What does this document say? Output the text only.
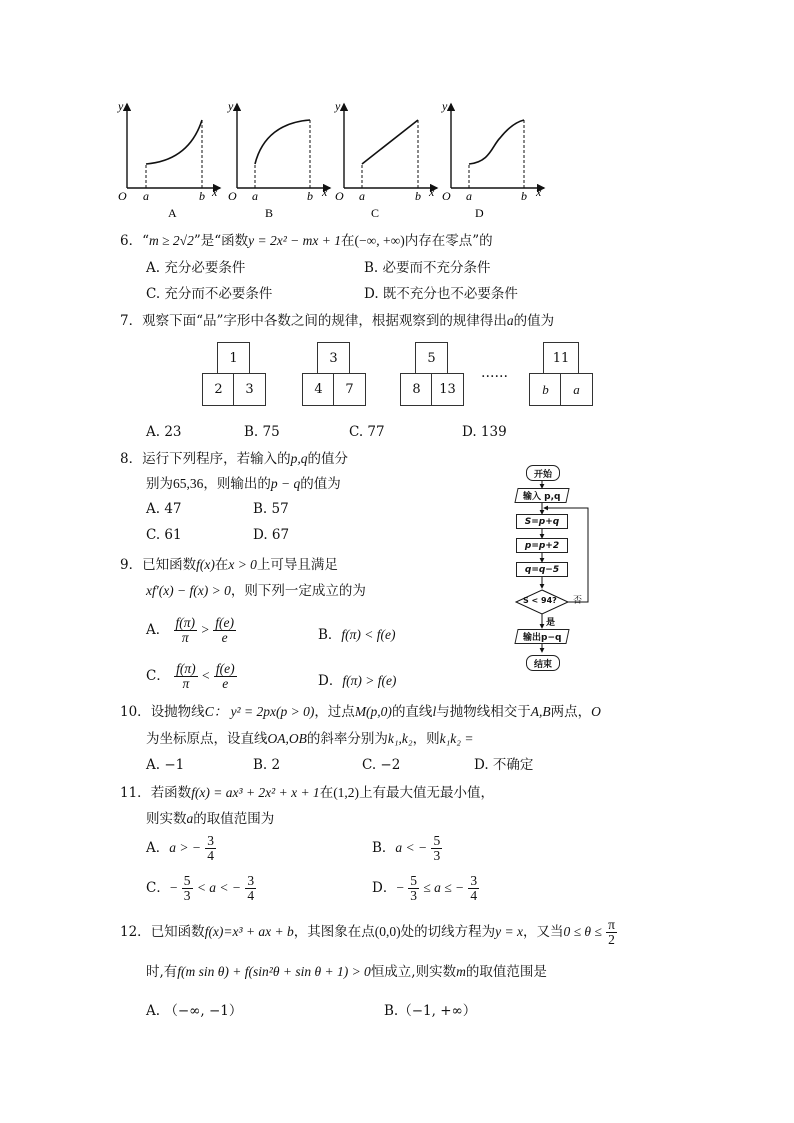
y
x
O a	b
y
x
O a	b
y
x
O a	b
y
x
O a	b
A	B	C	D
6．“m ≥ 2√2”是“函数y = 2x² − mx + 1在(−∞, +∞)内存在零点”的
A. 充分必要条件	B. 必要而不充分条件
C. 充分而不必要条件	D. 既不充分也不必要条件
7．观察下面“品”字形中各数之间的规律，根据观察到的规律得出a的值为
1
2	3
3
4	7
5
8	13
……
11
b	a
A. 23	B. 75	C. 77	D. 139
8．运行下列程序，若输入的p,q的值分
别为65,36，则输出的p − q的值为
A. 47	B. 57
C. 61	D. 67
开始
输入 p,q
S=p+q
p=p+2
q=q−5
S < 94? 否
是
输出p−q
结束
9．已知函数f(x)在x > 0上可导且满足
xf′(x) − f(x) > 0，则下列一定成立的为
A． $\frac{f(\pi)}{\pi} > \frac{f(e)}{e}$	B．f(π) < f(e)
C． $\frac{f(\pi)}{\pi} < \frac{f(e)}{e}$	D．f(π) > f(e)
10．设抛物线C： y² = 2px(p > 0)，过点M(p,0)的直线l与抛物线相交于A,B两点，O
为坐标原点，设直线OA,OB的斜率分别为k₁,k₂，则k₁k₂ =
A. −1	B. 2	C. −2	D. 不确定
11．若函数f(x) = ax³ + 2x² + x + 1在(1,2)上有最大值无最小值，
则实数a的取值范围为
A．a > − $\frac{3}{4}$	B．a < − $\frac{5}{3}$
C．− $\frac{5}{3} < a$ < − $\frac{3}{4}$	D．− $\frac{5}{3} \le a$ ≤ − $\frac{3}{4}$
12．已知函数f(x)=x³ + ax + b，其图象在点(0,0)处的切线方程为y = x，又当$0 \le \theta \le \frac{\pi}{2}$
时,有f(m sin θ) + f(sin²θ + sin θ + 1) > 0恒成立,则实数m的取值范围是
A. （−∞, −1）	B.（−1, +∞）
